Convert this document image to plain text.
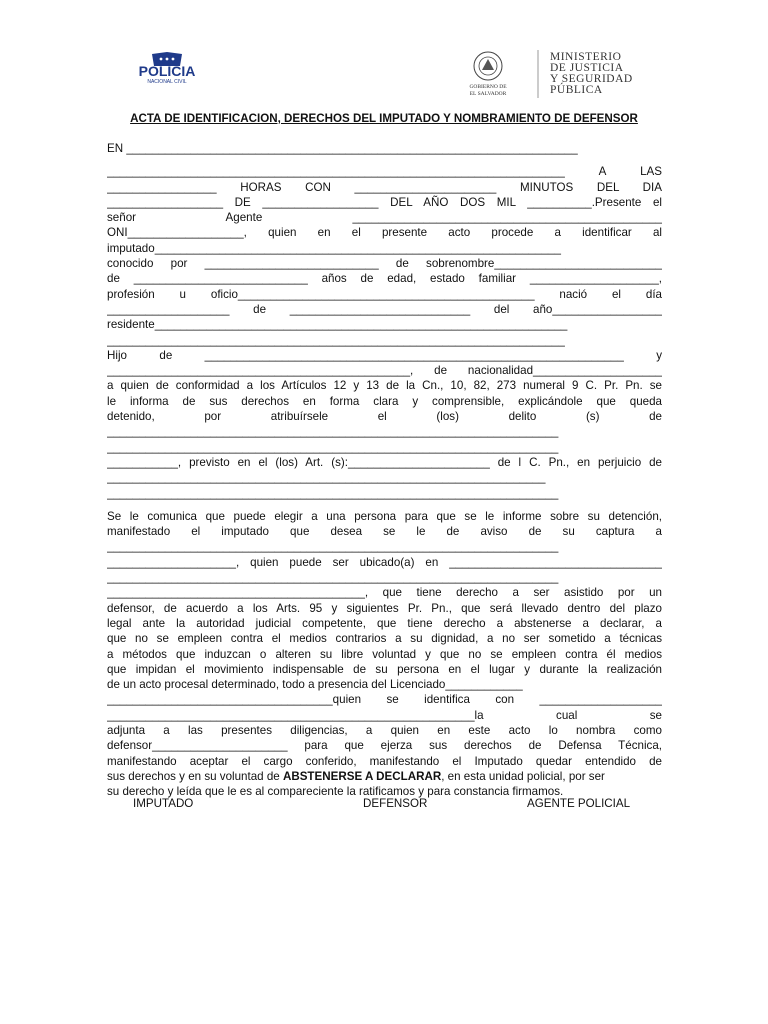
POLICIA
NACIONAL CIVIL
GOBIERNO DE
EL SALVADOR
MINISTERIO
DE JUSTICIA
Y SEGURIDAD
PÚBLICA
ACTA DE IDENTIFICACION, DERECHOS DEL IMPUTADO Y NOMBRAMIENTO DE DEFENSOR
EN ______________________________________________________________________
_______________________________________________________________________ A LAS
_________________ HORAS CON ______________________ MINUTOS DEL DIA
__________________ DE __________________ DEL AÑO DOS MIL __________.Presente el
señor Agente ________________________________________________
ONI__________________, quien en el presente acto procede a identificar al
imputado_______________________________________________________________
conocido por ___________________________ de sobrenombre__________________________
de ___________________________ años de edad, estado familiar ____________________,
profesión u oficio______________________________________________ nació el día
___________________ de ____________________________ del año_________________
residente________________________________________________________________
_______________________________________________________________________
Hijo de _________________________________________________________________ y
_______________________________________________, de nacionalidad____________________
a quien de conformidad a los Artículos 12 y 13 de la Cn., 10, 82, 273 numeral 9 C. Pr. Pn. se
le informa de sus derechos en forma clara y comprensible, explicándole que queda
detenido, por atribuírsele el (los) delito (s) de
______________________________________________________________________
______________________________________________________________________
___________, previsto en el (los) Art. (s):______________________ de l C. Pn., en perjuicio de
____________________________________________________________________
______________________________________________________________________
Se le comunica que puede elegir a una persona para que se le informe sobre su detención,
manifestado el imputado que desea se le de aviso de su captura a
______________________________________________________________________
____________________, quien puede ser ubicado(a) en _________________________________
______________________________________________________________________
________________________________________, que tiene derecho a ser asistido por un
defensor, de acuerdo a los Arts. 95 y siguientes Pr. Pn., que será llevado dentro del plazo
legal ante la autoridad judicial competente, que tiene derecho a abstenerse a declarar, a
que no se empleen contra el medios contrarios a su dignidad, a no ser sometido a técnicas
a métodos que induzcan o alteren su libre voluntad y que no se empleen contra él medios
que impidan el movimiento indispensable de su persona en el lugar y durante la realización
de un acto procesal determinado, todo a presencia del Licenciado____________
___________________________________quien se identifica con ___________________
_________________________________________________________la cual se
adjunta a las presentes diligencias, a quien en este acto lo nombra como
defensor_____________________ para que ejerza sus derechos de Defensa Técnica,
manifestando aceptar el cargo conferido, manifestando el Imputado quedar entendido de
sus derechos y en su voluntad de ABSTENERSE A DECLARAR, en esta unidad policial, por ser
su derecho y leída que le es al compareciente la ratificamos y para constancia firmamos.
IMPUTADO	DEFENSOR	AGENTE POLICIAL
